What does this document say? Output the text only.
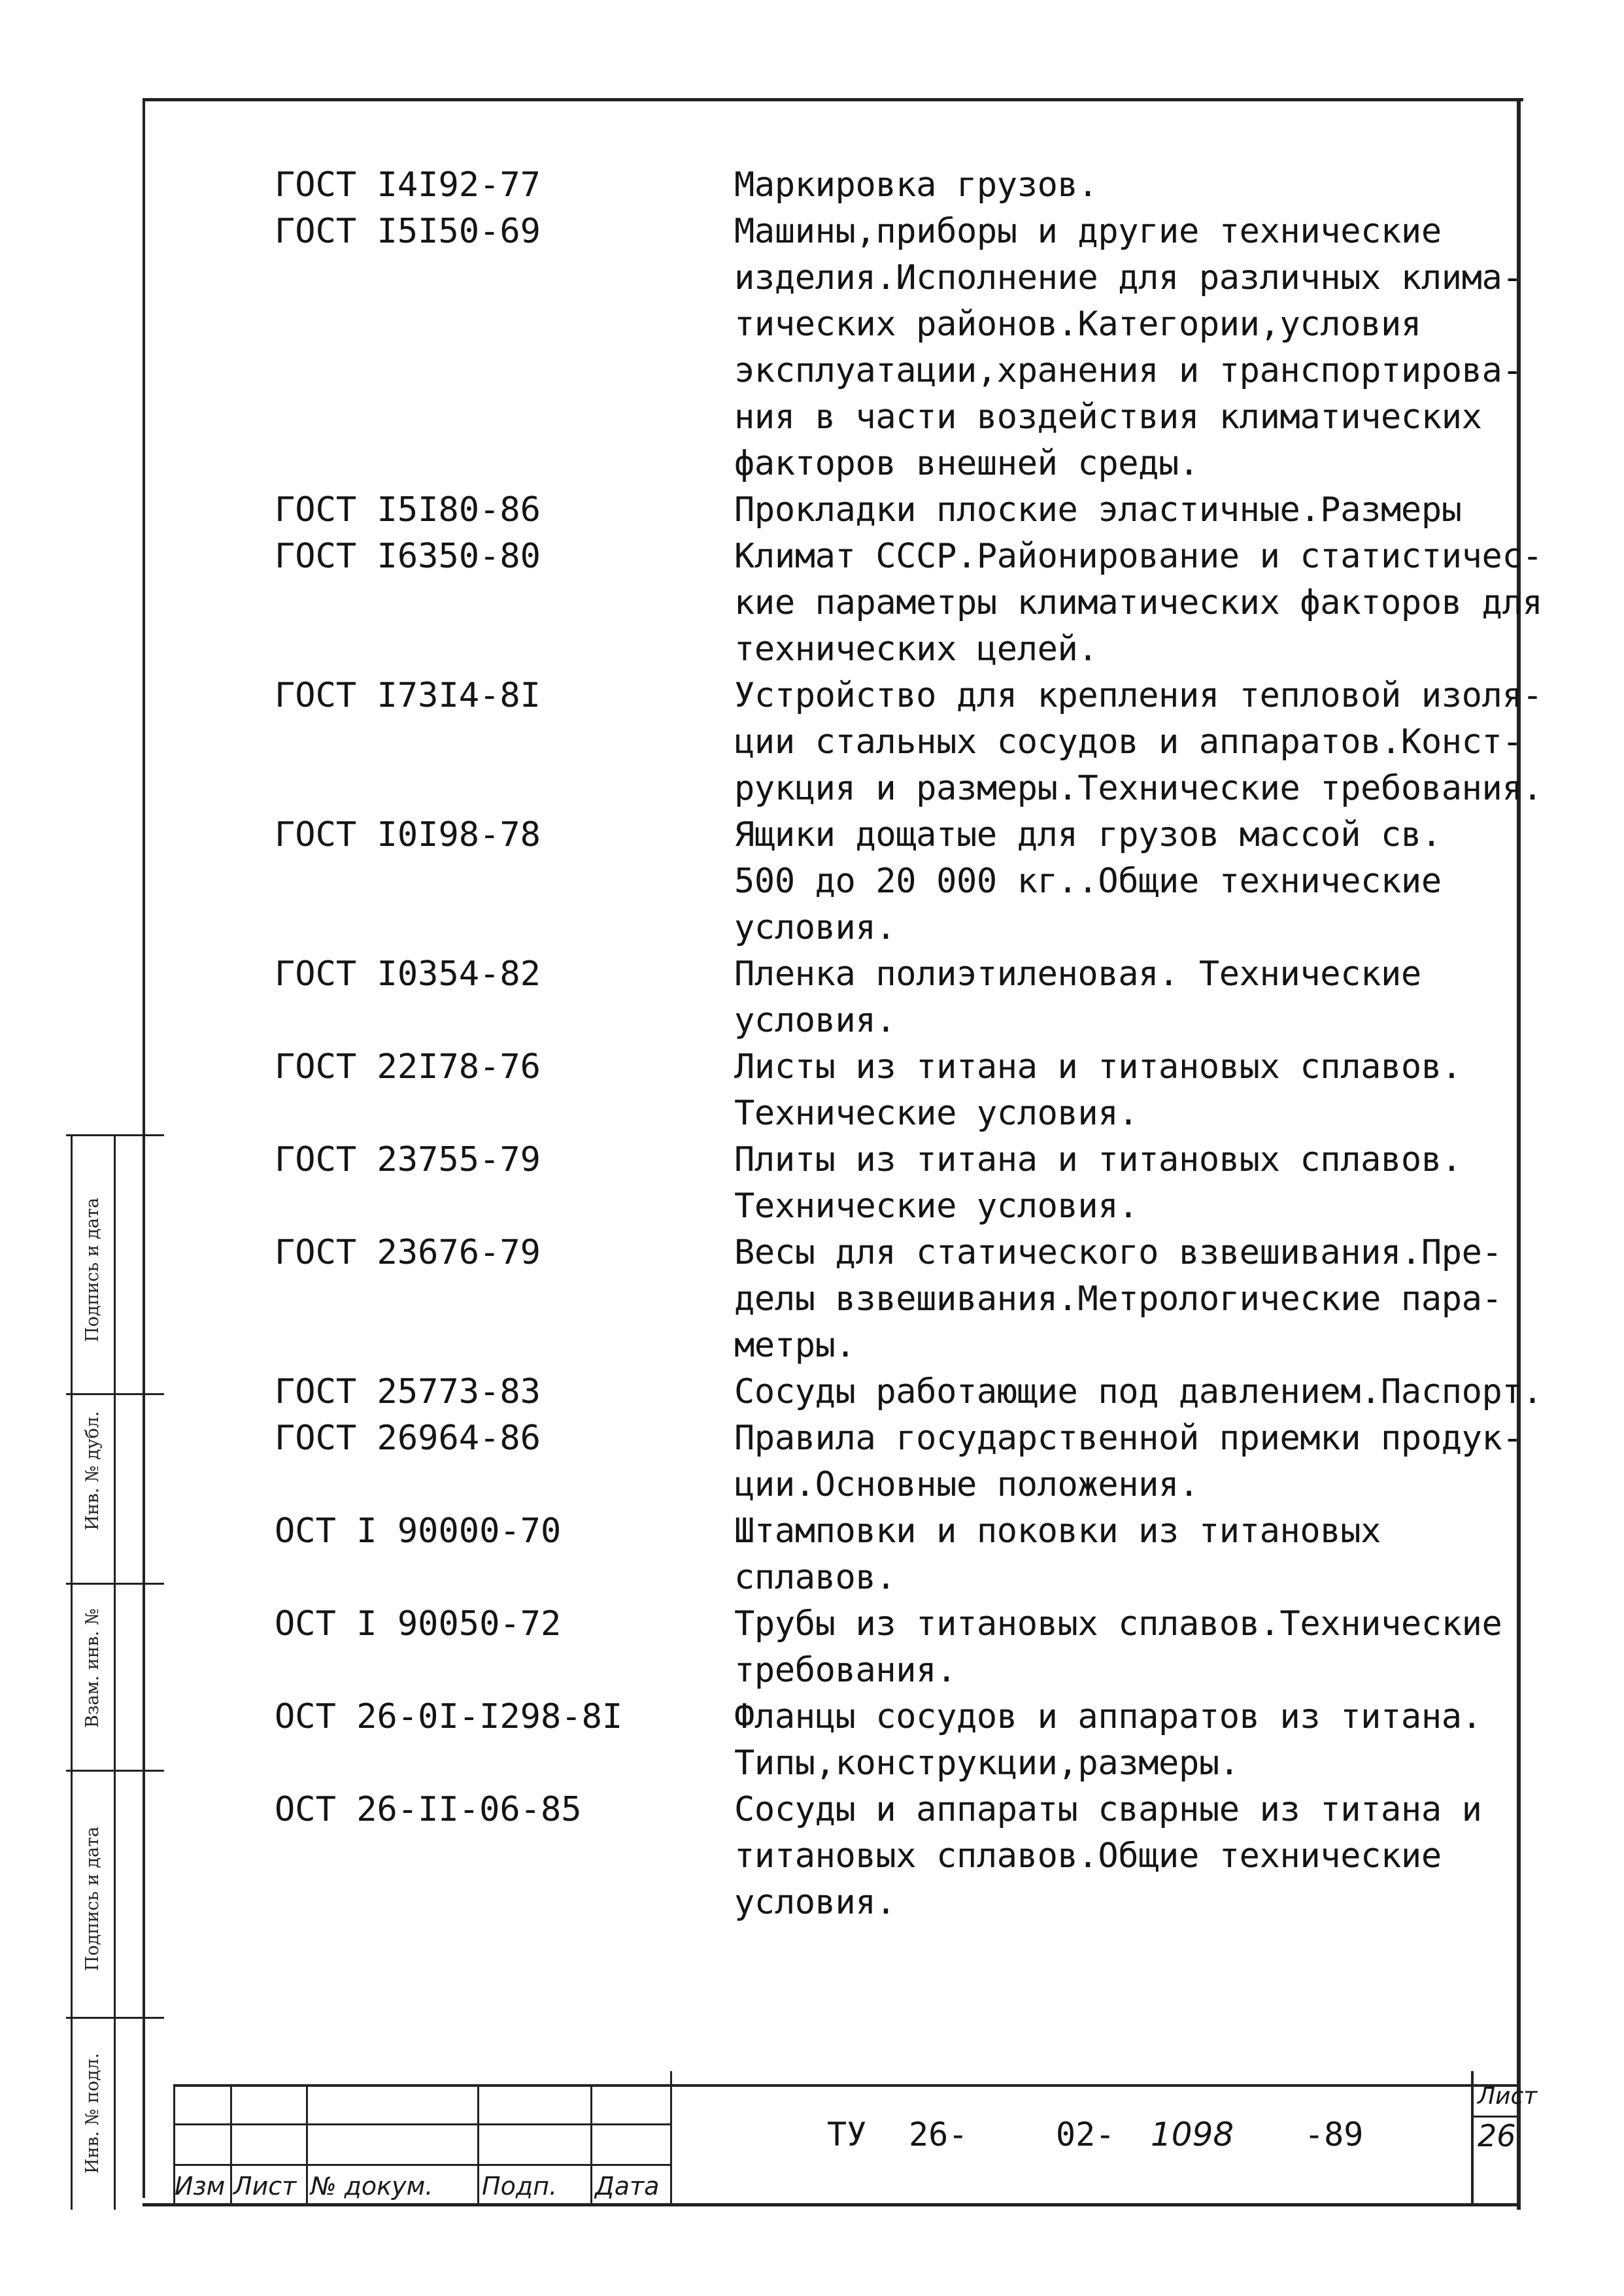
ГОСТ I4I92-77	Маркировка грузов.
ГОСТ I5I50-69	Машины,приборы и другие технические
изделия.Исполнение для различных клима-
тических районов.Категории,условия
эксплуатации,хранения и транспортирова-
ния в части воздействия климатических
факторов внешней среды.
ГОСТ I5I80-86	Прокладки плоские эластичные.Размеры
ГОСТ I6350-80	Климат СССР.Районирование и статистичес-
кие параметры климатических факторов для
технических целей.
ГОСТ I73I4-8I	Устройство для крепления тепловой изоля-
ции стальных сосудов и аппаратов.Конст-
рукция и размеры.Технические требования.
ГОСТ I0I98-78	Ящики дощатые для грузов массой св.
500 до 20 000 кг..Общие технические
условия.
ГОСТ I0354-82	Пленка полиэтиленовая. Технические
условия.
ГОСТ 22I78-76	Листы из титана и титановых сплавов.
Технические условия.
ГОСТ 23755-79	Плиты из титана и титановых сплавов.
Технические условия.
ГОСТ 23676-79	Весы для статического взвешивания.Пре-
делы взвешивания.Метрологические пара-
метры.
ГОСТ 25773-83	Сосуды работающие под давлением.Паспорт.
ГОСТ 26964-86	Правила государственной приемки продук-
ции.Основные положения.
ОСТ I 90000-70	Штамповки и поковки из титановых
сплавов.
ОСТ I 90050-72	Трубы из титановых сплавов.Технические
требования.
ОСТ 26-0I-I298-8I	Фланцы сосудов и аппаратов из титана.
Типы,конструкции,размеры.
ОСТ 26-II-06-85	Сосуды и аппараты сварные из титана и
титановых сплавов.Общие технические
условия.
Подпись и дата
Инв. № дубл.
Взам. инв. №
Подпись и дата
Инв. № подл.
Изм Лист № докум. Подп. Дата
ТУ 26-	02- 1098 -89
Лист
26
